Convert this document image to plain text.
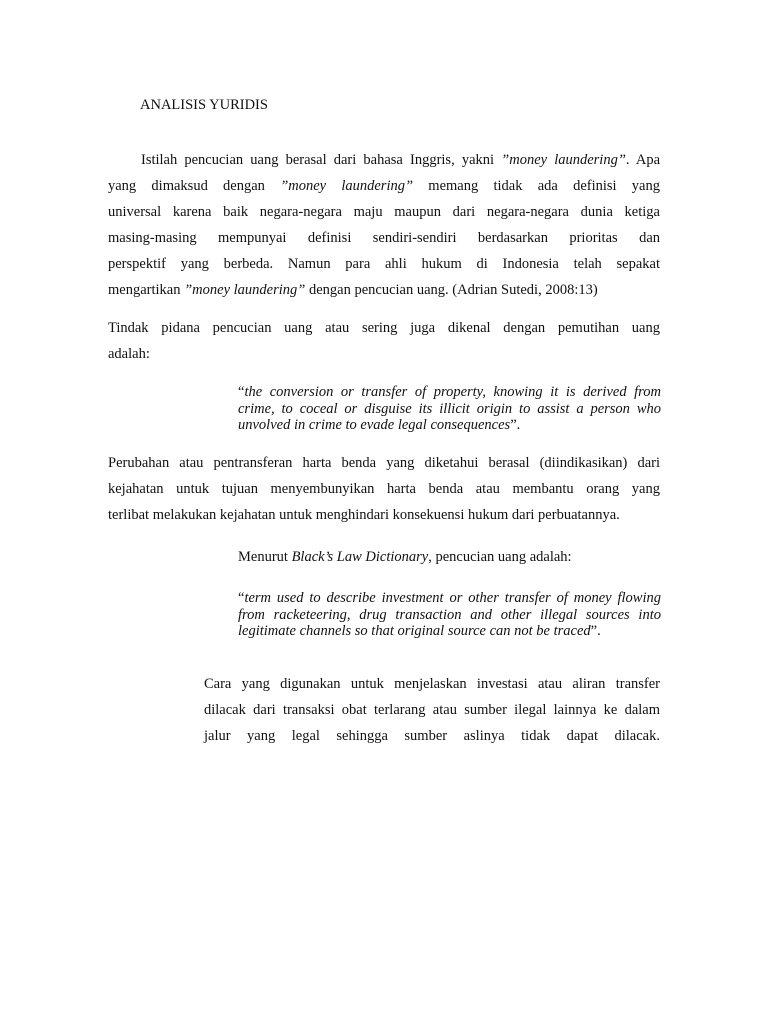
ANALISIS YURIDIS
Istilah pencucian uang berasal dari bahasa Inggris, yakni ”money laundering”. Apa
yang dimaksud dengan ”money laundering” memang tidak ada definisi yang
universal karena baik negara-negara maju maupun dari negara-negara dunia ketiga
masing-masing mempunyai definisi sendiri-sendiri berdasarkan prioritas dan
perspektif yang berbeda. Namun para ahli hukum di Indonesia telah sepakat
mengartikan ”money laundering” dengan pencucian uang. (Adrian Sutedi, 2008:13)
Tindak pidana pencucian uang atau sering juga dikenal dengan pemutihan uang
adalah:
“the conversion or transfer of property, knowing it is derived from crime, to coceal or disguise its illicit origin to assist a person who unvolved in crime to evade legal consequences”.
Perubahan atau pentransferan harta benda yang diketahui berasal (diindikasikan) dari
kejahatan untuk tujuan menyembunyikan harta benda atau membantu orang yang
terlibat melakukan kejahatan untuk menghindari konsekuensi hukum dari perbuatannya.
Menurut Black’s Law Dictionary, pencucian uang adalah:
“term used to describe investment or other transfer of money flowing from racketeering, drug transaction and other illegal sources into legitimate channels so that original source can not be traced”.
Cara yang digunakan untuk menjelaskan investasi atau aliran transfer
dilacak dari transaksi obat terlarang atau sumber ilegal lainnya ke dalam
jalur yang legal sehingga sumber aslinya tidak dapat dilacak.
